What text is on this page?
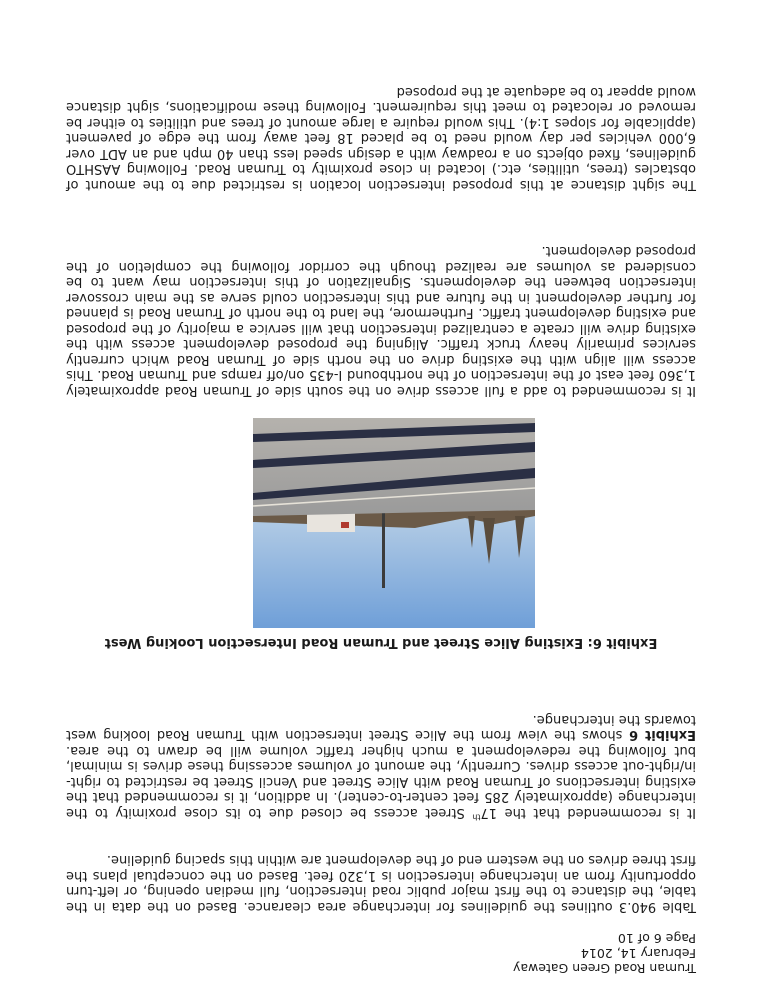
Truman Road Green Gateway
February 14, 2014
Page 6 of 10

Table 940.3 outlines the guidelines for interchange area clearance. Based on the data in the table, the distance to the first major public road intersection, full median opening, or left-turn opportunity from an interchange intersection is 1,320 feet. Based on the conceptual plans the first three drives on the western end of the development are within this spacing guideline.

It is recommended that the 17th Street access be closed due to its close proximity to the interchange (approximately 285 feet center-to-center). In addition, it is recommended that the existing intersections of Truman Road with Alice Street and Vencil Street be restricted to right-in/right-out access drives. Currently, the amount of volumes accessing these drives is minimal, but following the redevelopment a much higher traffic volume will be drawn to the area. Exhibit 6 shows the view from the Alice Street intersection with Truman Road looking west towards the interchange.

Exhibit 6: Existing Alice Street and Truman Road Intersection Looking West

It is recommended to add a full access drive on the south side of Truman Road approximately 1,360 feet east of the intersection of the northbound I-435 on/off ramps and Truman Road. This access will align with the existing drive on the north side of Truman Road which currently services primarily heavy truck traffic. Aligning the proposed development access with the existing drive will create a centralized intersection that will service a majority of the proposed and existing development traffic. Furthermore, the land to the north of Truman Road is planned for further development in the future and this intersection could serve as the main crossover intersection between the developments. Signalization of this intersection may want to be considered as volumes are realized though the corridor following the completion of the proposed development.

The sight distance at this proposed intersection location is restricted due to the amount of obstacles (trees, utilities, etc.) located in close proximity to Truman Road. Following AASHTO guidelines, fixed objects on a roadway with a design speed less than 40 mph and an ADT over 6,000 vehicles per day would need to be placed 18 feet away from the edge of pavement (applicable for slopes 1:4). This would require a large amount of trees and utilities to either be removed or relocated to meet this requirement. Following these modifications, sight distance would appear to be adequate at the proposed
